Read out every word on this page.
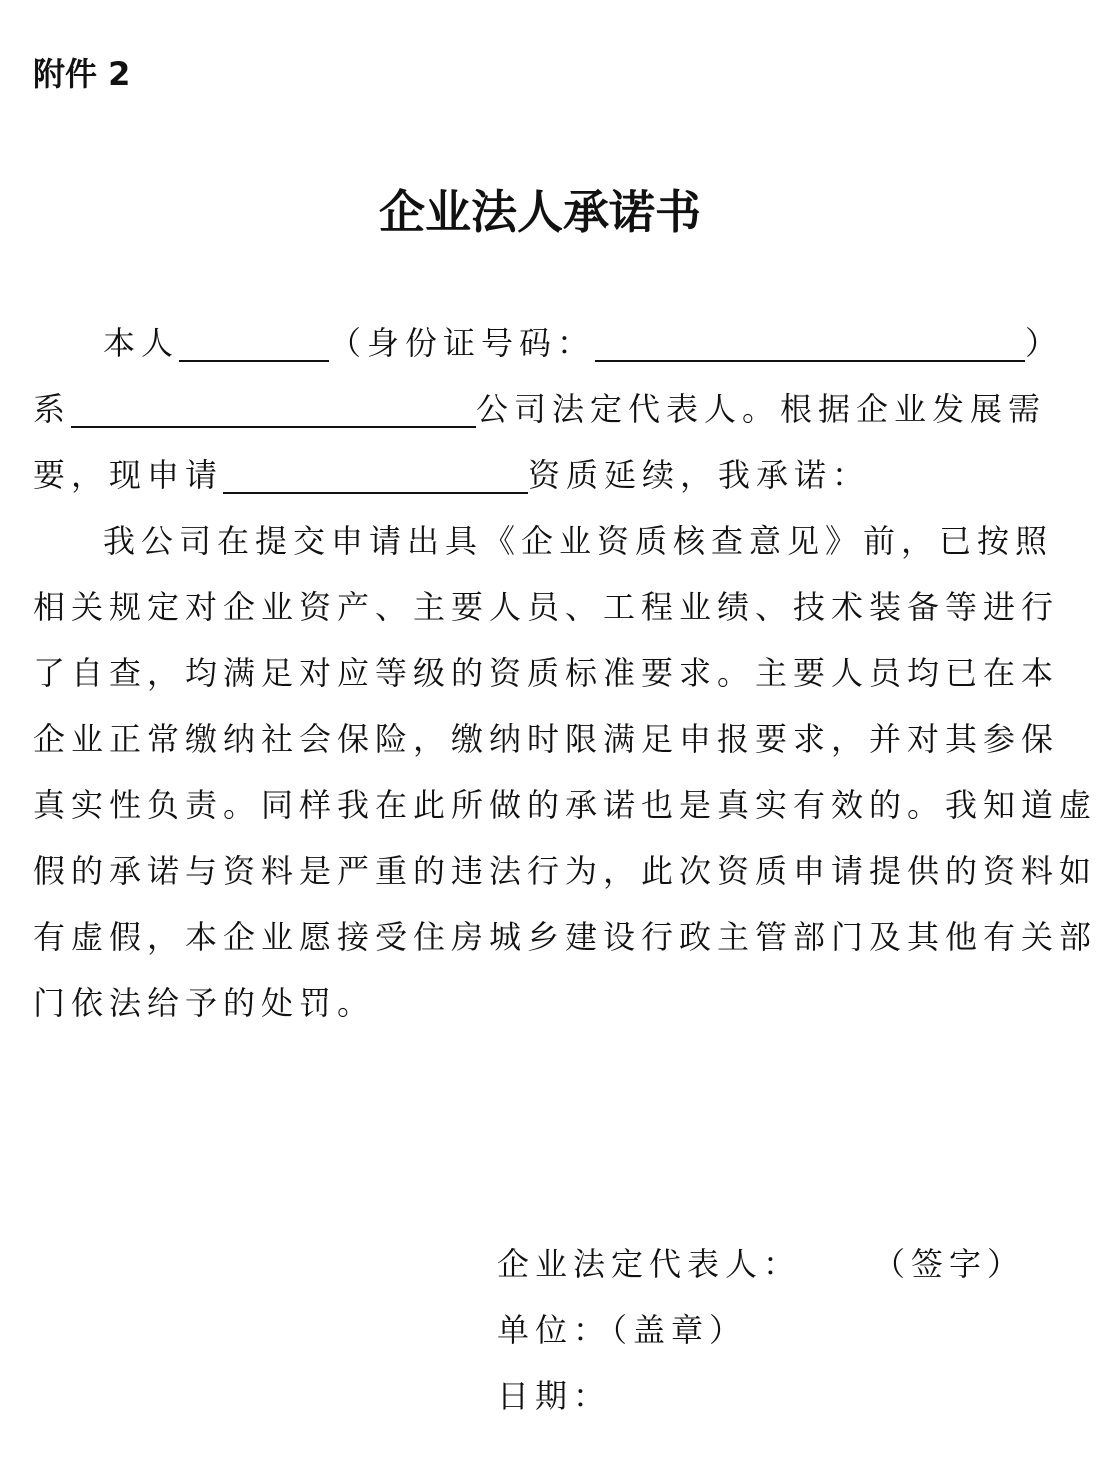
附件 2
企业法人承诺书
本人	（身份证号码：	）
系	公司法定代表人。根据企业发展需
要，现申请	资质延续，我承诺：
我公司在提交申请出具《企业资质核查意见》前，已按照
相关规定对企业资产、主要人员、工程业绩、技术装备等进行
了自查，均满足对应等级的资质标准要求。主要人员均已在本
企业正常缴纳社会保险，缴纳时限满足申报要求，并对其参保
真实性负责。同样我在此所做的承诺也是真实有效的。我知道虚
假的承诺与资料是严重的违法行为，此次资质申请提供的资料如
有虚假，本企业愿接受住房城乡建设行政主管部门及其他有关部
门依法给予的处罚。
企业法定代表人： （签字）
单位：（盖章）
日期：
